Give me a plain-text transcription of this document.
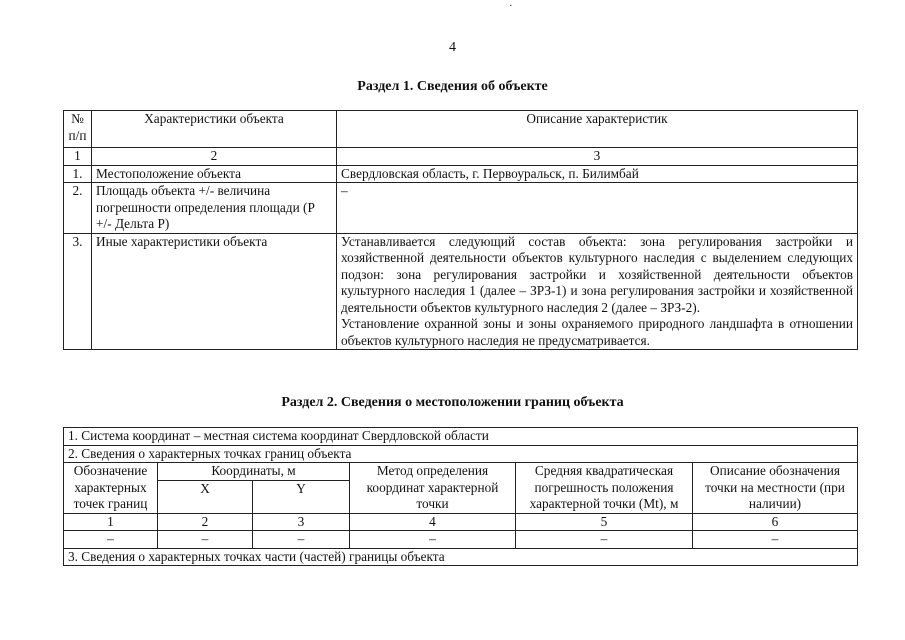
·
4
Раздел 1. Сведения об объекте
№ п/п	Характеристики объекта	Описание характеристик
1	2	3
1.	Местоположение объекта	Свердловская область, г. Первоуральск, п. Билимбай
2.	Площадь объекта +/- величина погрешности определения площади (Р +/- Дельта Р)	–
3.	Иные характеристики объекта	Устанавливается следующий состав объекта: зона регулирования застройки и хозяйственной деятельности объектов культурного наследия с выделением следующих подзон: зона регулирования застройки и хозяйственной деятельности объектов культурного наследия 1 (далее – ЗРЗ-1) и зона регулирования застройки и хозяйственной деятельности объектов культурного наследия 2 (далее – ЗРЗ-2).
Установление охранной зоны и зоны охраняемого природного ландшафта в отношении объектов культурного наследия не предусматривается.
Раздел 2. Сведения о местоположении границ объекта
1. Система координат – местная система координат Свердловской области					
2. Сведения о характерных точках границ объекта					
Обозначение характерных точек границ	Координаты, м		Метод определения координат характерной точки	Средняя квадратическая погрешность положения характерной точки (Mt), м	Описание обозначения точки на местности (при наличии)
	X	Y			
1	2	3	4	5	6
–	–	–	–	–	–
3. Сведения о характерных точках части (частей) границы объекта					
